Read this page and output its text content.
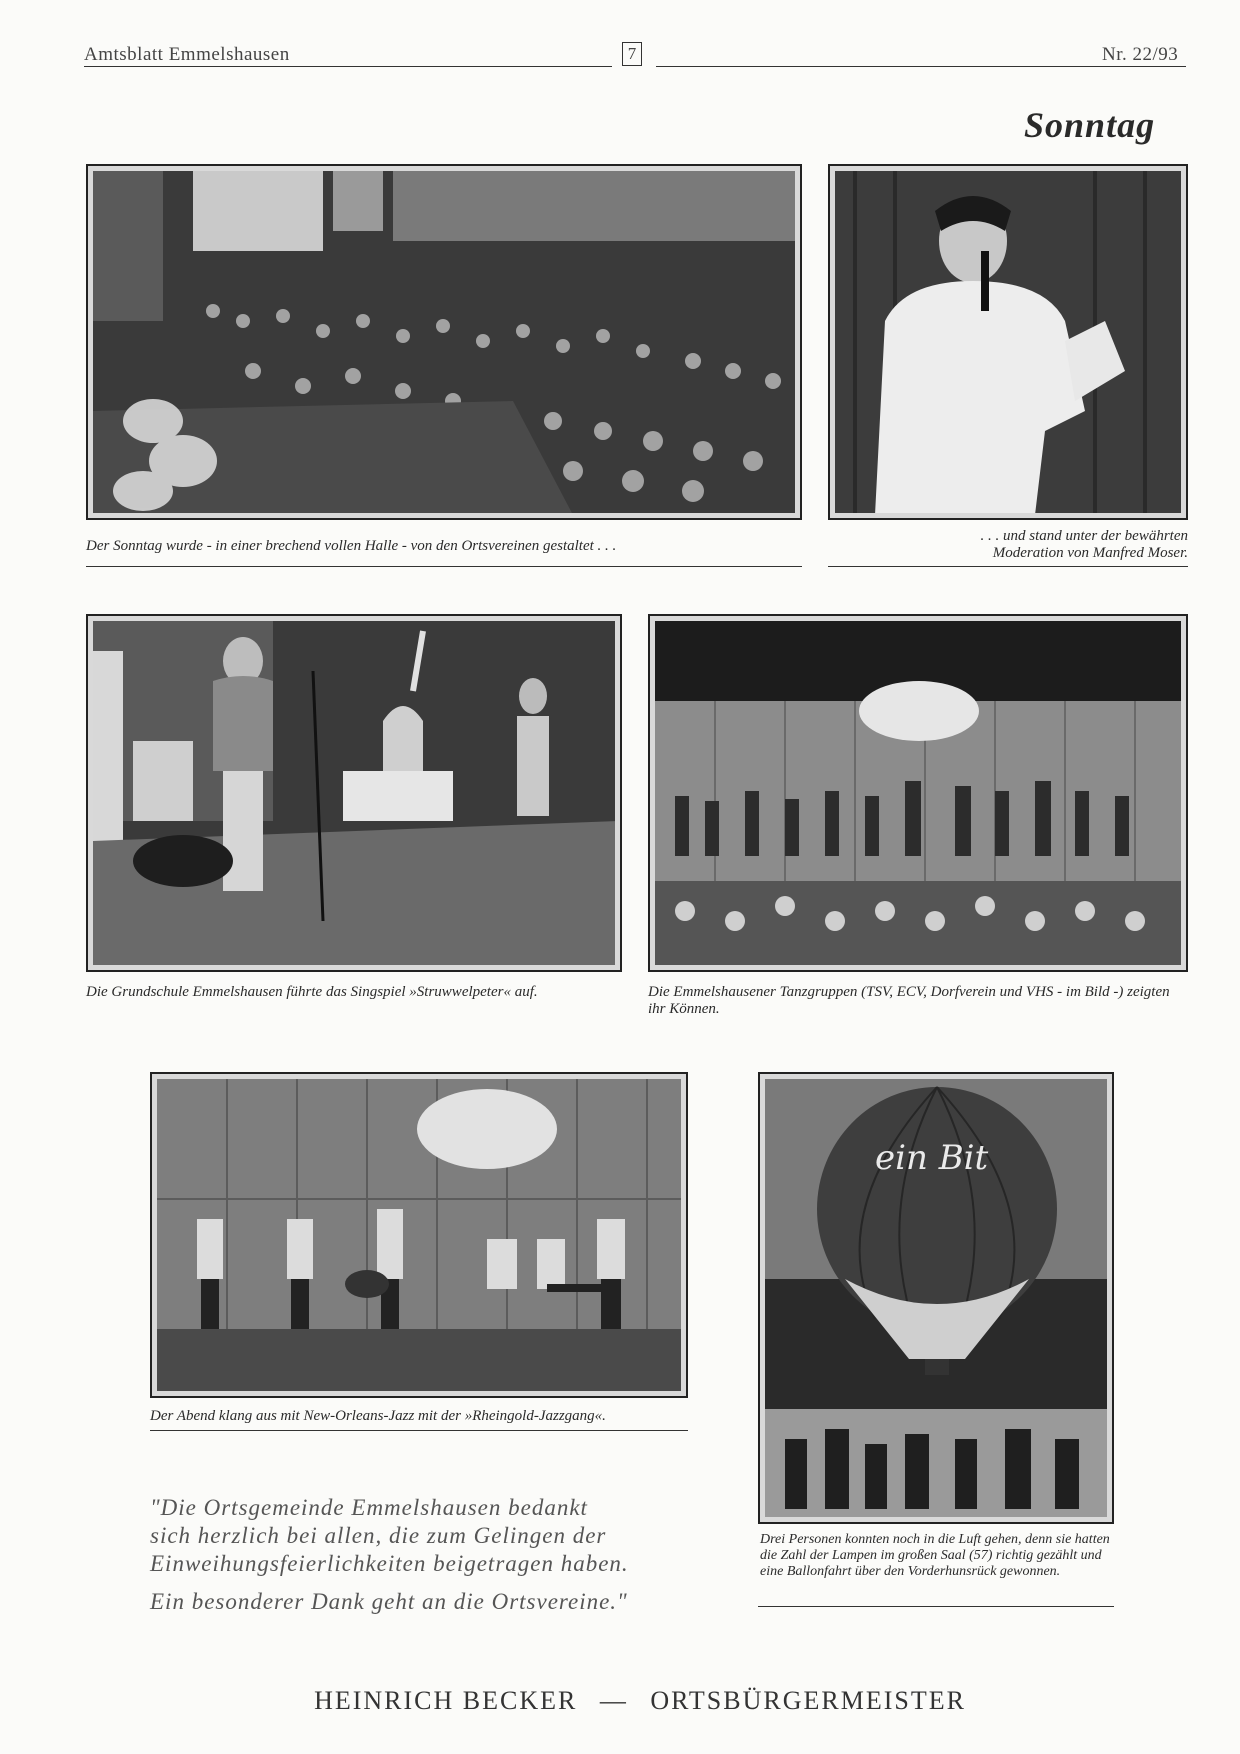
Amtsblatt Emmelshausen	7	Nr. 22/93
Sonntag
Der Sonntag wurde - in einer brechend vollen Halle - von den Ortsvereinen gestaltet . . .
. . . und stand unter der bewährten
Moderation von Manfred Moser.
Die Grundschule Emmelshausen führte das Singspiel »Struwwelpeter« auf.	Die Emmelshausener Tanzgruppen (TSV, ECV, Dorfverein und VHS - im Bild -) zeigten ihr Können.
Der Abend klang aus mit New-Orleans-Jazz mit der »Rheingold-Jazzgang«.
ein Bit
Drei Personen konnten noch in die Luft gehen, denn sie hatten die Zahl der Lampen im großen Saal (57) richtig gezählt und eine Ballonfahrt über den Vorderhunsrück gewonnen.
"Die Ortsgemeinde Emmelshausen bedankt
sich herzlich bei allen, die zum Gelingen der
Einweihungsfeierlichkeiten beigetragen haben.
Ein besonderer Dank geht an die Ortsvereine."
HEINRICH BECKER — ORTSBÜRGERMEISTER
